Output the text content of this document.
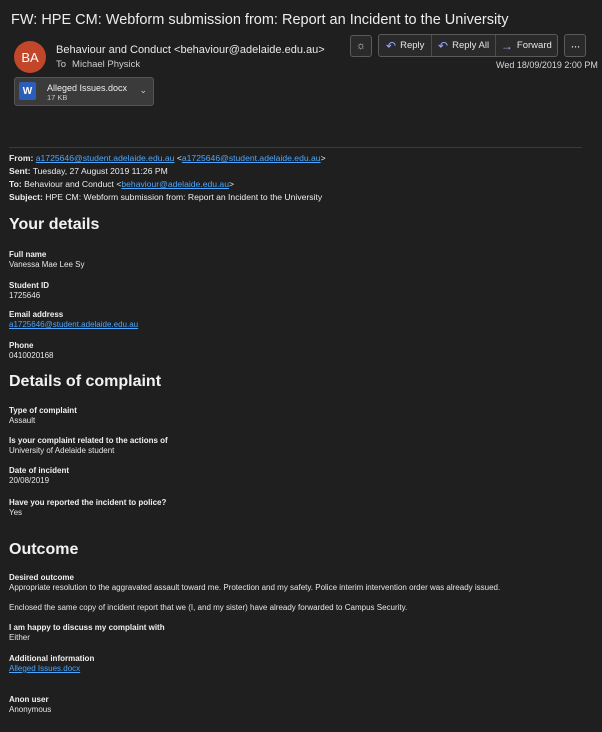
FW: HPE CM: Webform submission from: Report an Incident to the University
BA	Behaviour and Conduct <behaviour@adelaide.edu.au>
To Michael Physick
☼ ↶ Reply ↶ Reply All → Forward ···
Wed 18/09/2019 2:00 PM
W	Alleged Issues.docx
17 KB
⌄
From: a1725646@student.adelaide.edu.au <a1725646@student.adelaide.edu.au>
Sent: Tuesday, 27 August 2019 11:26 PM
To: Behaviour and Conduct <behaviour@adelaide.edu.au>
Subject: HPE CM: Webform submission from: Report an Incident to the University
Your details
Full name
Vanessa Mae Lee Sy
Student ID
1725646
Email address
a1725646@student.adelaide.edu.au
Phone
0410020168
Details of complaint
Type of complaint
Assault
Is your complaint related to the actions of
University of Adelaide student
Date of incident
20/08/2019
Have you reported the incident to police?
Yes
Outcome
Desired outcome
Appropriate resolution to the aggravated assault toward me. Protection and my safety. Police interim intervention order was already issued.
Enclosed the same copy of incident report that we (I, and my sister) have already forwarded to Campus Security.
I am happy to discuss my complaint with
Either
Additional information
Alleged Issues.docx
Anon user
Anonymous
